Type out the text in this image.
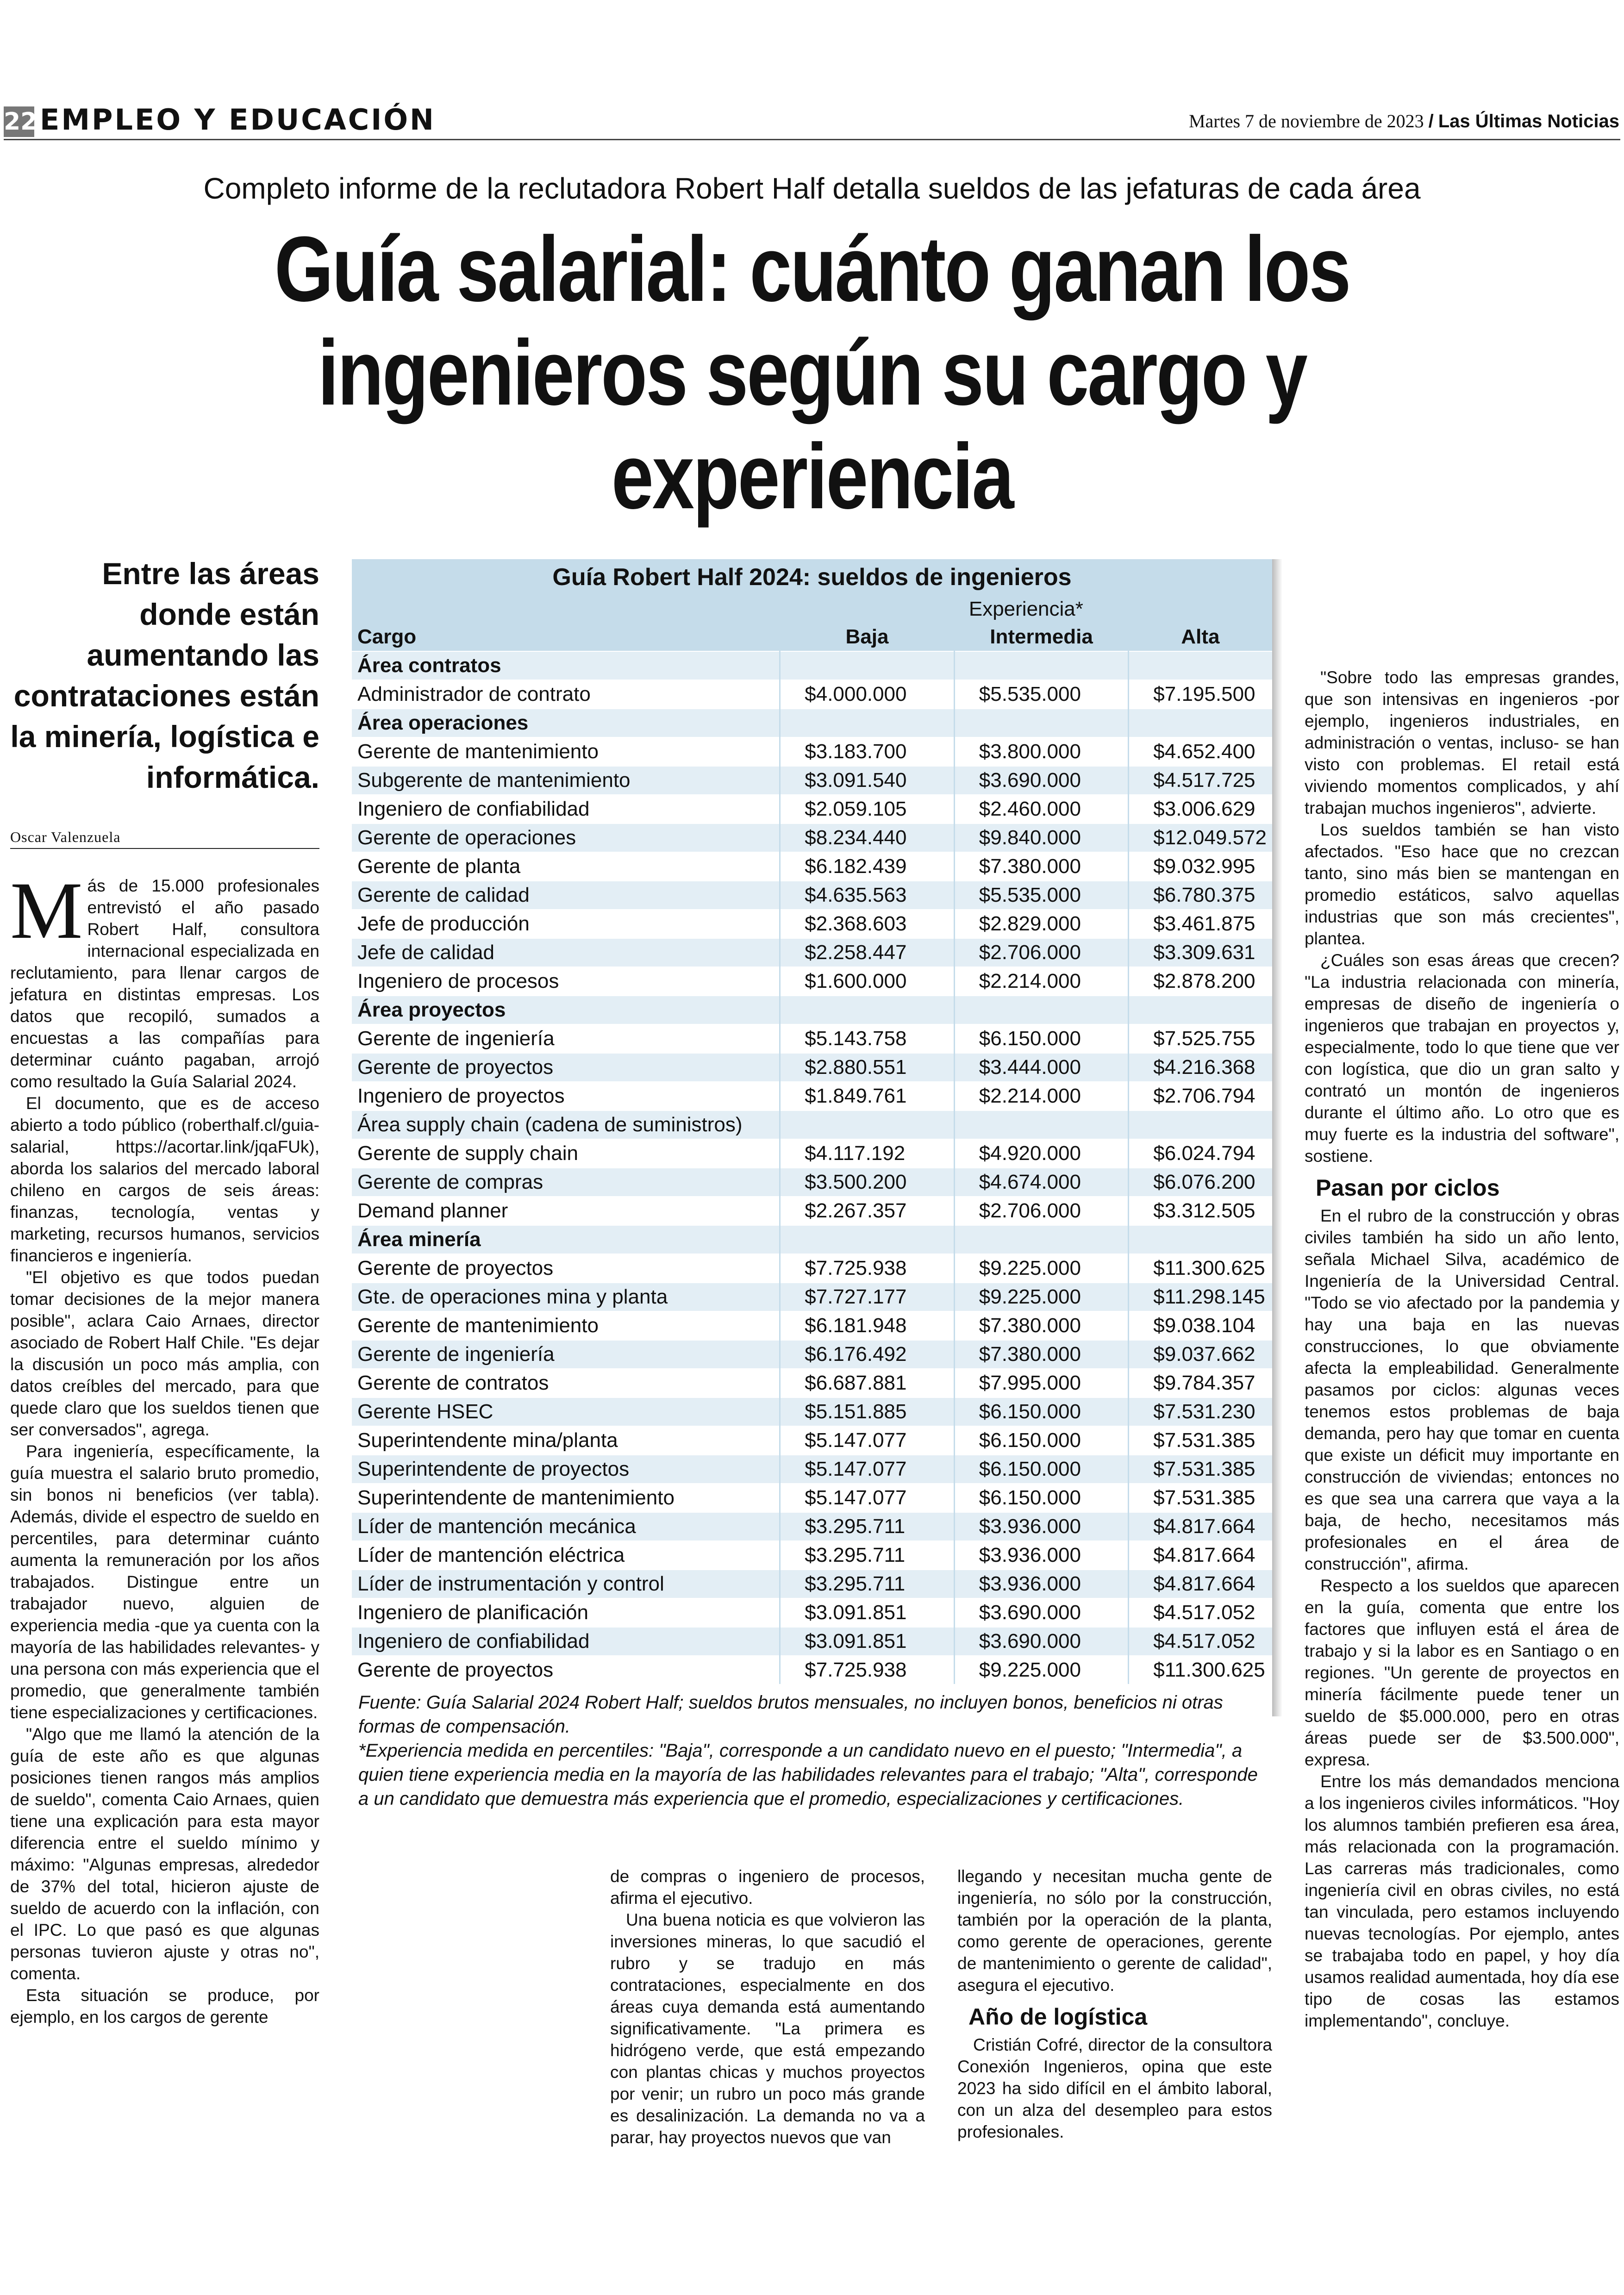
22 EMPLEO Y EDUCACIÓN	Martes 7 de noviembre de 2023 / Las Últimas Noticias
Completo informe de la reclutadora Robert Half detalla sueldos de las jefaturas de cada área
Guía salarial: cuánto ganan los ingenieros según su cargo y experiencia
Entre las áreas donde están aumentando las contrataciones están la minería, logística e informática.
Oscar Valenzuela
M ás de 15.000 profesionales entrevistó el año pasado Robert Half, consultora internacional especializada en reclutamiento, para llenar cargos de jefatura en distintas empresas. Los datos que recopiló, sumados a encuestas a las compañías para determinar cuánto pagaban, arrojó como resultado la Guía Salarial 2024.

El documento, que es de acceso abierto a todo público (roberthalf.cl/guia-salarial, https://acortar.link/jqaFUk), aborda los salarios del mercado laboral chileno en cargos de seis áreas: finanzas, tecnología, ventas y marketing, recursos humanos, servicios financieros e ingeniería.

"El objetivo es que todos puedan tomar decisiones de la mejor manera posible", aclara Caio Arnaes, director asociado de Robert Half Chile. "Es dejar la discusión un poco más amplia, con datos creíbles del mercado, para que quede claro que los sueldos tienen que ser conversados", agrega.

Para ingeniería, específicamente, la guía muestra el salario bruto promedio, sin bonos ni beneficios (ver tabla). Además, divide el espectro de sueldo en percentiles, para determinar cuánto aumenta la remuneración por los años trabajados. Distingue entre un trabajador nuevo, alguien de experiencia media -que ya cuenta con la mayoría de las habilidades relevantes- y una persona con más experiencia que el promedio, que generalmente también tiene especializaciones y certificaciones.

"Algo que me llamó la atención de la guía de este año es que algunas posiciones tienen rangos más amplios de sueldo", comenta Caio Arnaes, quien tiene una explicación para esta mayor diferencia entre el sueldo mínimo y máximo: "Algunas empresas, alrededor de 37% del total, hicieron ajuste de sueldo de acuerdo con la inflación, con el IPC. Lo que pasó es que algunas personas tuvieron ajuste y otras no", comenta.

Esta situación se produce, por ejemplo, en los cargos de gerente

Guía Robert Half 2024: sueldos de ingenieros
	Experiencia*		
Cargo	Baja	Intermedia	Alta
Área contratos			
Administrador de contrato	$4.000.000	$5.535.000	$7.195.500
Área operaciones			
Gerente de mantenimiento	$3.183.700	$3.800.000	$4.652.400
Subgerente de mantenimiento	$3.091.540	$3.690.000	$4.517.725
Ingeniero de confiabilidad	$2.059.105	$2.460.000	$3.006.629
Gerente de operaciones	$8.234.440	$9.840.000	$12.049.572
Gerente de planta	$6.182.439	$7.380.000	$9.032.995
Gerente de calidad	$4.635.563	$5.535.000	$6.780.375
Jefe de producción	$2.368.603	$2.829.000	$3.461.875
Jefe de calidad	$2.258.447	$2.706.000	$3.309.631
Ingeniero de procesos	$1.600.000	$2.214.000	$2.878.200
Área proyectos			
Gerente de ingeniería	$5.143.758	$6.150.000	$7.525.755
Gerente de proyectos	$2.880.551	$3.444.000	$4.216.368
Ingeniero de proyectos	$1.849.761	$2.214.000	$2.706.794
Área supply chain (cadena de suministros)			
Gerente de supply chain	$4.117.192	$4.920.000	$6.024.794
Gerente de compras	$3.500.200	$4.674.000	$6.076.200
Demand planner	$2.267.357	$2.706.000	$3.312.505
Área minería			
Gerente de proyectos	$7.725.938	$9.225.000	$11.300.625
Gte. de operaciones mina y planta	$7.727.177	$9.225.000	$11.298.145
Gerente de mantenimiento	$6.181.948	$7.380.000	$9.038.104
Gerente de ingeniería	$6.176.492	$7.380.000	$9.037.662
Gerente de contratos	$6.687.881	$7.995.000	$9.784.357
Gerente HSEC	$5.151.885	$6.150.000	$7.531.230
Superintendente mina/planta	$5.147.077	$6.150.000	$7.531.385
Superintendente de proyectos	$5.147.077	$6.150.000	$7.531.385
Superintendente de mantenimiento	$5.147.077	$6.150.000	$7.531.385
Líder de mantención mecánica	$3.295.711	$3.936.000	$4.817.664
Líder de mantención eléctrica	$3.295.711	$3.936.000	$4.817.664
Líder de instrumentación y control	$3.295.711	$3.936.000	$4.817.664
Ingeniero de planificación	$3.091.851	$3.690.000	$4.517.052
Ingeniero de confiabilidad	$3.091.851	$3.690.000	$4.517.052
Gerente de proyectos	$7.725.938	$9.225.000	$11.300.625
Fuente: Guía Salarial 2024 Robert Half; sueldos brutos mensuales, no incluyen bonos, beneficios ni otras formas de compensación.
*Experiencia medida en percentiles: "Baja", corresponde a un candidato nuevo en el puesto; "Intermedia", a quien tiene experiencia media en la mayoría de las habilidades relevantes para el trabajo; "Alta", corresponde a un candidato que demuestra más experiencia que el promedio, especializaciones y certificaciones.

de compras o ingeniero de procesos, afirma el ejecutivo.

Una buena noticia es que volvieron las inversiones mineras, lo que sacudió el rubro y se tradujo en más contrataciones, especialmente en dos áreas cuya demanda está aumentando significativamente. "La primera es hidrógeno verde, que está empezando con plantas chicas y muchos proyectos por venir; un rubro un poco más grande es desalinización. La demanda no va a parar, hay proyectos nuevos que van

llegando y necesitan mucha gente de ingeniería, no sólo por la construcción, también por la operación de la planta, como gerente de operaciones, gerente de mantenimiento o gerente de calidad", asegura el ejecutivo.

Año de logística

Cristián Cofré, director de la consultora Conexión Ingenieros, opina que este 2023 ha sido difícil en el ámbito laboral, con un alza del desempleo para estos profesionales.

"Sobre todo las empresas grandes, que son intensivas en ingenieros -por ejemplo, ingenieros industriales, en administración o ventas, incluso- se han visto con problemas. El retail está viviendo momentos complicados, y ahí trabajan muchos ingenieros", advierte.

Los sueldos también se han visto afectados. "Eso hace que no crezcan tanto, sino más bien se mantengan en promedio estáticos, salvo aquellas industrias que son más crecientes", plantea.

¿Cuáles son esas áreas que crecen? "La industria relacionada con minería, empresas de diseño de ingeniería o ingenieros que trabajan en proyectos y, especialmente, todo lo que tiene que ver con logística, que dio un gran salto y contrató un montón de ingenieros durante el último año. Lo otro que es muy fuerte es la industria del software", sostiene.

Pasan por ciclos

En el rubro de la construcción y obras civiles también ha sido un año lento, señala Michael Silva, académico de Ingeniería de la Universidad Central. "Todo se vio afectado por la pandemia y hay una baja en las nuevas construcciones, lo que obviamente afecta la empleabilidad. Generalmente pasamos por ciclos: algunas veces tenemos estos problemas de baja demanda, pero hay que tomar en cuenta que existe un déficit muy importante en construcción de viviendas; entonces no es que sea una carrera que vaya a la baja, de hecho, necesitamos más profesionales en el área de construcción", afirma.

Respecto a los sueldos que aparecen en la guía, comenta que entre los factores que influyen está el área de trabajo y si la labor es en Santiago o en regiones. "Un gerente de proyectos en minería fácilmente puede tener un sueldo de $5.000.000, pero en otras áreas puede ser de $3.500.000", expresa.

Entre los más demandados menciona a los ingenieros civiles informáticos. "Hoy los alumnos también prefieren esa área, más relacionada con la programación. Las carreras más tradicionales, como ingeniería civil en obras civiles, no está tan vinculada, pero estamos incluyendo nuevas tecnologías. Por ejemplo, antes se trabajaba todo en papel, y hoy día usamos realidad aumentada, hoy día ese tipo de cosas las estamos implementando", concluye.
